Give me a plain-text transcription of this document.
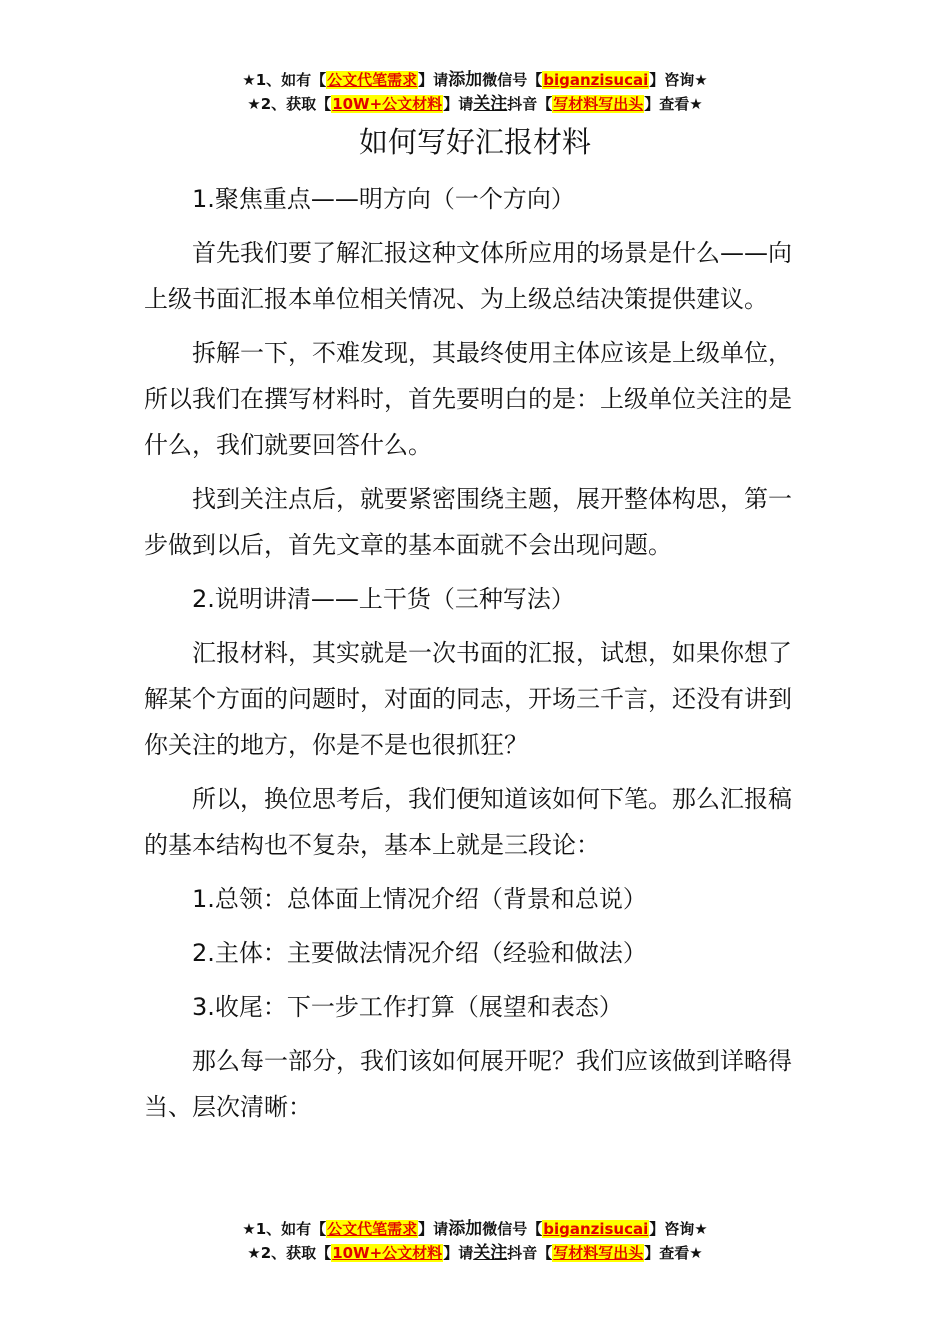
★1、如有【公文代笔需求】请添加微信号【biganzisucai】咨询★
★2、获取【10W+公文材料】请关注抖音【写材料写出头】查看★
如何写好汇报材料

1.聚焦重点——明方向（一个方向）

首先我们要了解汇报这种文体所应用的场景是什么——向上级书面汇报本单位相关情况、为上级总结决策提供建议。

拆解一下，不难发现，其最终使用主体应该是上级单位，所以我们在撰写材料时，首先要明白的是：上级单位关注的是什么，我们就要回答什么。

找到关注点后，就要紧密围绕主题，展开整体构思，第一步做到以后，首先文章的基本面就不会出现问题。

2.说明讲清——上干货（三种写法）

汇报材料，其实就是一次书面的汇报，试想，如果你想了解某个方面的问题时，对面的同志，开场三千言，还没有讲到你关注的地方，你是不是也很抓狂？

所以，换位思考后，我们便知道该如何下笔。那么汇报稿的基本结构也不复杂，基本上就是三段论：

1.总领：总体面上情况介绍（背景和总说）

2.主体：主要做法情况介绍（经验和做法）

3.收尾：下一步工作打算（展望和表态）

那么每一部分，我们该如何展开呢？我们应该做到详略得当、层次清晰：

★1、如有【公文代笔需求】请添加微信号【biganzisucai】咨询★
★2、获取【10W+公文材料】请关注抖音【写材料写出头】查看★
